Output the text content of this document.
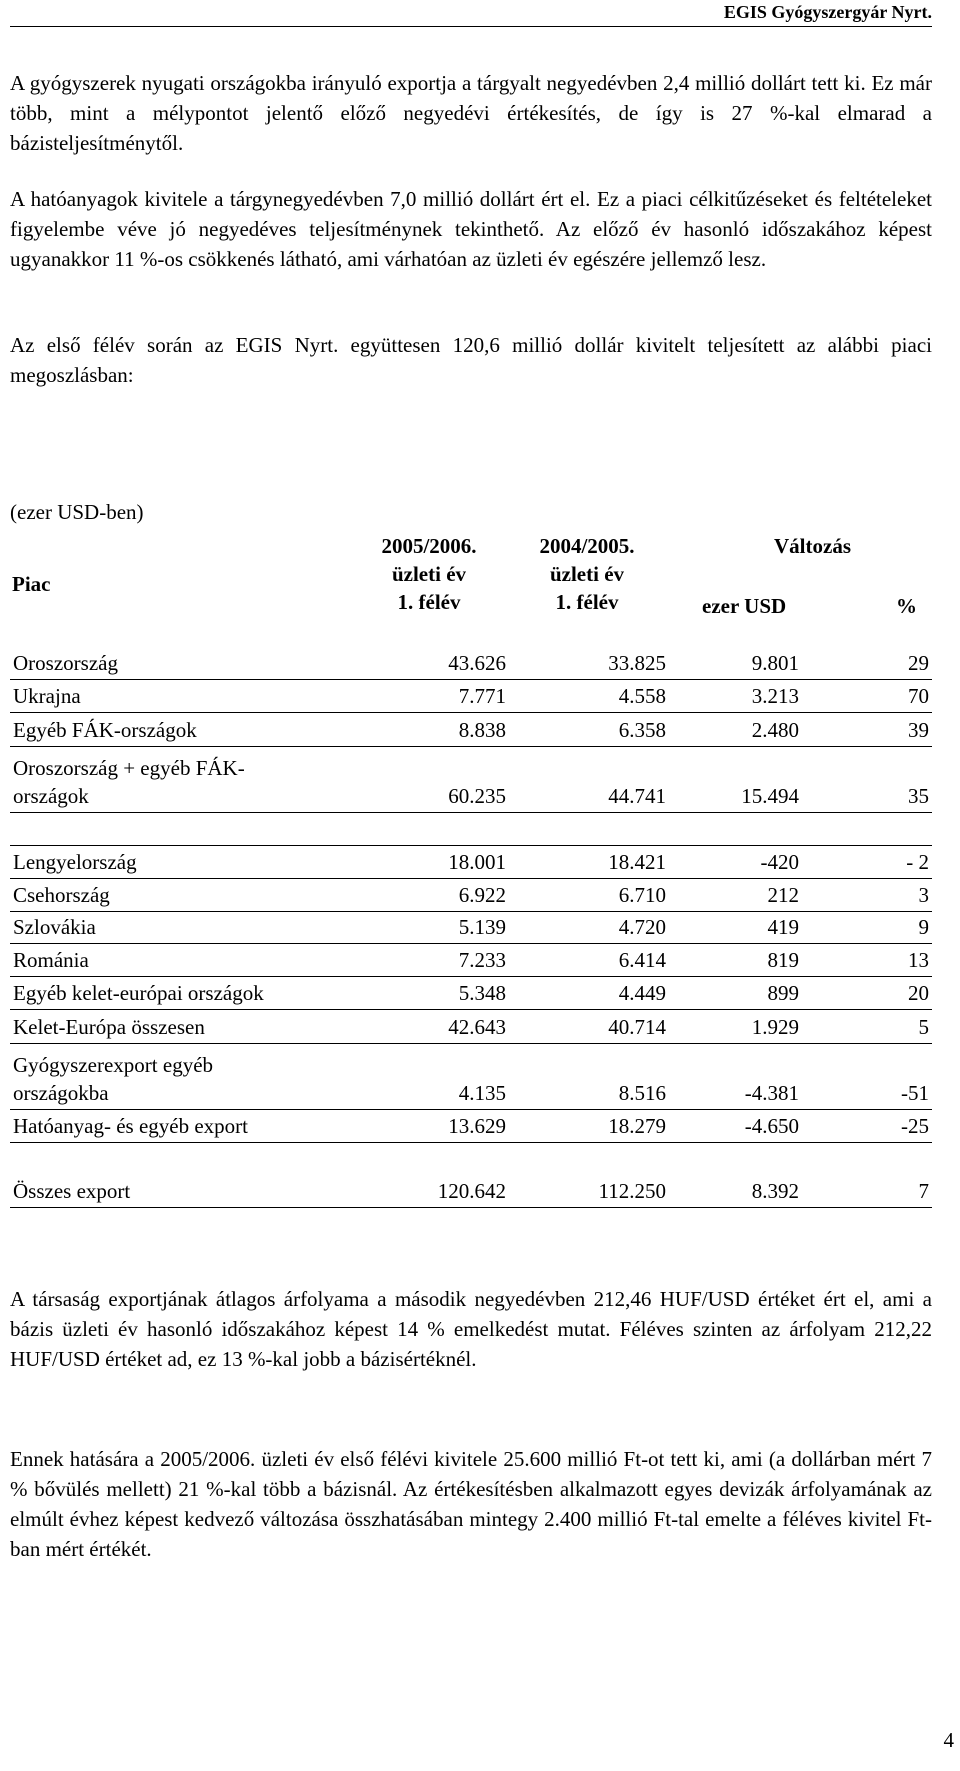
EGIS Gyógyszergyár Nyrt.

A gyógyszerek nyugati országokba irányuló exportja a tárgyalt negyedévben 2,4 millió dollárt tett ki. Ez már több, mint a mélypontot jelentő előző negyedévi értékesítés, de így is 27 %-kal elmarad a bázisteljesítménytől.

A hatóanyagok kivitele a tárgynegyedévben 7,0 millió dollárt ért el. Ez a piaci célkitűzéseket és feltételeket figyelembe véve jó negyedéves teljesítménynek tekinthető. Az előző év hasonló időszakához képest ugyanakkor 11 %-os csökkenés látható, ami várhatóan az üzleti év egészére jellemző lesz.

Az első félév során az EGIS Nyrt. együttesen 120,6 millió dollár kivitelt teljesített az alábbi piaci megoszlásban:

(ezer USD-ben)
Piac
2005/2006.
üzleti év
1. félév
2004/2005.
üzleti év
1. félév
Változás
ezer USD	%
Oroszország	43.626	33.825	9.801	29
Ukrajna	7.771	4.558	3.213	70
Egyéb FÁK-országok	8.838	6.358	2.480	39
Oroszország + egyéb FÁK-
országok	60.235	44.741	15.494	35
Lengyelország	18.001	18.421	-420	- 2
Csehország	6.922	6.710	212	3
Szlovákia	5.139	4.720	419	9
Románia	7.233	6.414	819	13
Egyéb kelet-európai országok	5.348	4.449	899	20
Kelet-Európa összesen	42.643	40.714	1.929	5
Gyógyszerexport egyéb
országokba	4.135	8.516	-4.381	-51
Hatóanyag- és egyéb export	13.629	18.279	-4.650	-25
Összes export	120.642	112.250	8.392	7

A társaság exportjának átlagos árfolyama a második negyedévben 212,46 HUF/USD értéket ért el, ami a bázis üzleti év hasonló időszakához képest 14 % emelkedést mutat. Féléves szinten az árfolyam 212,22 HUF/USD értéket ad, ez 13 %-kal jobb a bázisértéknél.

Ennek hatására a 2005/2006. üzleti év első félévi kivitele 25.600 millió Ft-ot tett ki, ami (a dollárban mért 7 % bővülés mellett) 21 %-kal több a bázisnál. Az értékesítésben alkalmazott egyes devizák árfolyamának az elmúlt évhez képest kedvező változása összhatásában mintegy 2.400 millió Ft-tal emelte a féléves kivitel Ft-ban mért értékét.

4
